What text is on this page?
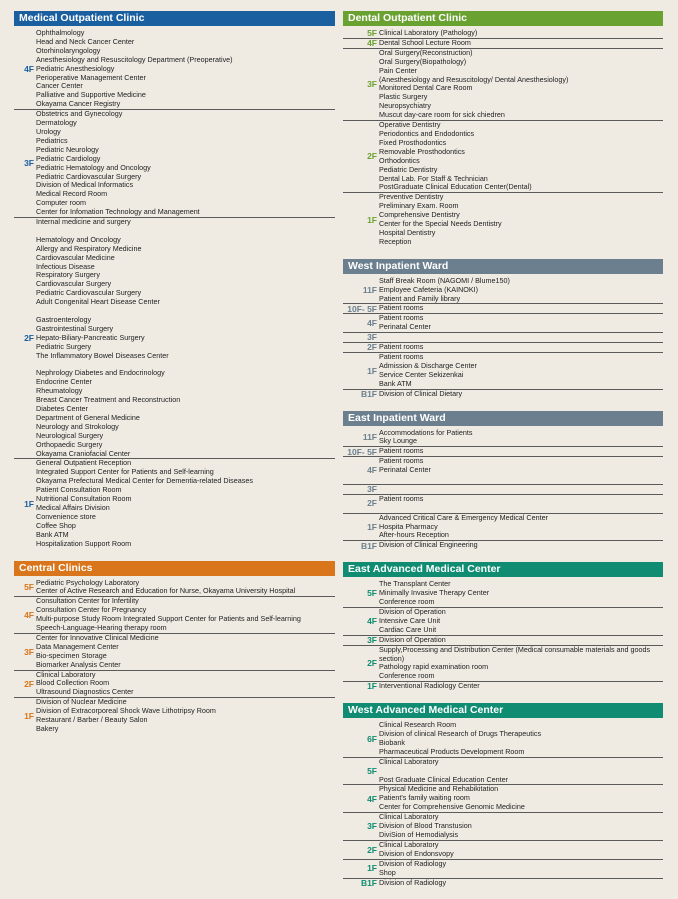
Medical Outpatient Clinic
4F
Ophthalmology
Head and Neck Cancer Center
Otorhinolaryngology
Anesthesiology and Resuscitology Department (Preoperative)
Pediatric Anesthesiology
Perioperative Management Center
Cancer Center
Palliative and Supportive Medicine
Okayama Cancer Registry
3F
Obstetrics and Gynecology
Dermatology
Urology
Pediatrics
Pediatric Neurology
Pediatric Cardiology
Pediatric Hematology and Oncology
Pediatric Cardiovascular Surgery
Division of Medical Informatics
Medical Record Room
Computer room
Center for Infomation Technology and Management
2F
Internal medicine and surgery
Hematology and Oncology
Allergy and Respiratory Medicine
Cardiovascular Medicine
Infectious Disease
Respiratory Surgery
Cardiovascular Surgery
Pediatric Cardiovascular Surgery
Adult Congenital Heart Disease Center
Gastroenterology
Gastrointestinal Surgery
Hepato-Biliary-Pancreatic Surgery
Pediatric Surgery
The Inflammatory Bowel Diseases Center
Nephrology Diabetes and Endocrinology
Endocrine Center
Rheumatology
Breast Cancer Treatment and Reconstruction
Diabetes Center
Department of General Medicine
Neurology and Strokology
Neurological Surgery
Orthopaedic Surgery
Okayama Craniofacial Center
1F
General Outpatient Reception
Integrated Support Center for Patients and Self-learning
Okayama Prefectural Medical Center for Dementia-related Diseases
Patient Consultation Room
Nutritional Consultation Room
Medical Affairs Division
Convenience store
Coffee Shop
Bank ATM
Hospitalization Support Room
Central Clinics
5F
Pediatric Psychology Laboratory
Center of Active Research and Education for Nurse, Okayama University Hospital
4F
Consultation Center for Infertility
Consultation Center for Pregnancy
Multi-purpose Study Room Integrated Support Center for Patients and Self-learning
Speech-Language-Hearing therapy room
3F
Center for Innovative Clinical Medicine
Data Management Center
Bio-specimen Storage
Biomarker Analysis Center
2F
Clinical Laboratory
Blood Collection Room
Ultrasound Diagnostics Center
1F
Division of Nuclear Medicine
Division of Extracorporeal Shock Wave Lithotripsy Room
Restaurant / Barber / Beauty Salon
Bakery
Dental Outpatient Clinic
5F Clinical Laboratory (Pathology)
4F Dental School Lecture Room
3F
Oral Surgery(Reconstruction)
Oral Surgery(Biopathology)
Pain Center
(Anesthesiology and Resuscitology/ Dental Anesthesiology)
Monitored Dental Care Room
Plastic Surgery
Neuropsychiatry
Muscut day-care room for sick chiedren
2F
Operative Dentistry
Periodontics and Endodontics
Fixed Prosthodontics
Removable Prosthodontics
Orthodontics
Pediatric Dentistry
Dental Lab. For Staff & Technician
PostGraduate Clinical Education Center(Dental)
1F
Preventive Dentistry
Preliminary Exam. Room
Comprehensive Dentistry
Center for the Special Needs Dentistry
Hospital Dentistry
Reception
West Inpatient Ward
11F
Staff Break Room (NAGOMI / Blume150)
Employee Cafeteria (KAINOKI)
Patient and Family library
10F- 5F Patient rooms
4F
Patient rooms
Perinatal Center
3F
2F Patient rooms
1F
Patient rooms
Admission & Discharge Center
Service Center Sekizenkai
Bank ATM
B1F Division of Clinical Dietary
East Inpatient Ward
11F
Accommodations for Patients
Sky Lounge
10F- 5F Patient rooms
4F
Patient rooms
Perinatal Center
3F
2F
Patient rooms
1F
Advanced Critical Care & Emergency Medical Center
Hospita Pharmacy
After-hours Reception
B1F Division of Clinical Engineering
East Advanced Medical Center
5F
The Transplant Center
Minimally Invasive Therapy Center
Conference room
4F
Division of Operation
Intensive Care Unit
Cardiac Care Unit
3F Division of Operation
2F
Supply,Processing and Distribution Center (Medical consumable materials and goods section)
Pathology rapid examination room
Conference room
1F Interventional Radiology Center
West Advanced Medical Center
6F
Clinical Research Room
Division of clinical Research of Drugs Therapeutics
Biobank
Pharmaceutical Products Development Room
5F
Clinical Laboratory
Post Graduate Clinical Education Center
4F
Physical Medicine and Rehabikitation
Patient's family waiting room
Center for Comprehensive Genomic Medicine
3F
Clinical Laboratory
Division of Blood Transtusion
DiviSion of Hemodialysis
2F
Clinical Laboratory
Division of Endonsvopy
1F
Division of Radiology
Shop
B1F Division of Radiology
